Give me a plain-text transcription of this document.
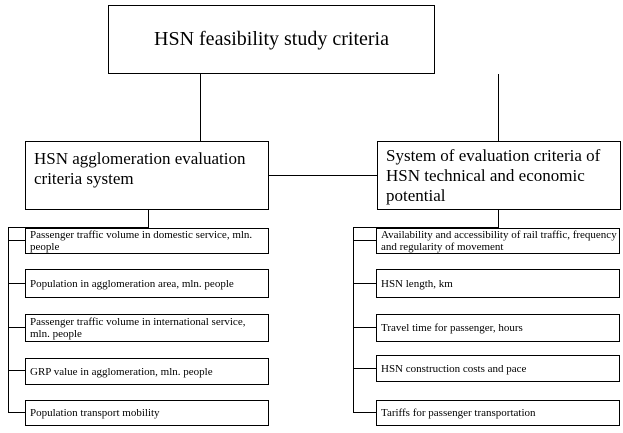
HSN feasibility study criteria
HSN agglomeration evaluation criteria system
System of evaluation criteria of HSN technical and economic potential
Passenger traffic volume in domestic service, mln. people
Population in agglomeration area, mln. people
Passenger traffic volume in international service, mln. people
GRP value in agglomeration, mln. people
Population transport mobility
Availability and accessibility of rail traffic, frequency and regularity of movement
HSN length, km
Travel time for passenger, hours
HSN construction costs and pace
Tariffs for passenger transportation
